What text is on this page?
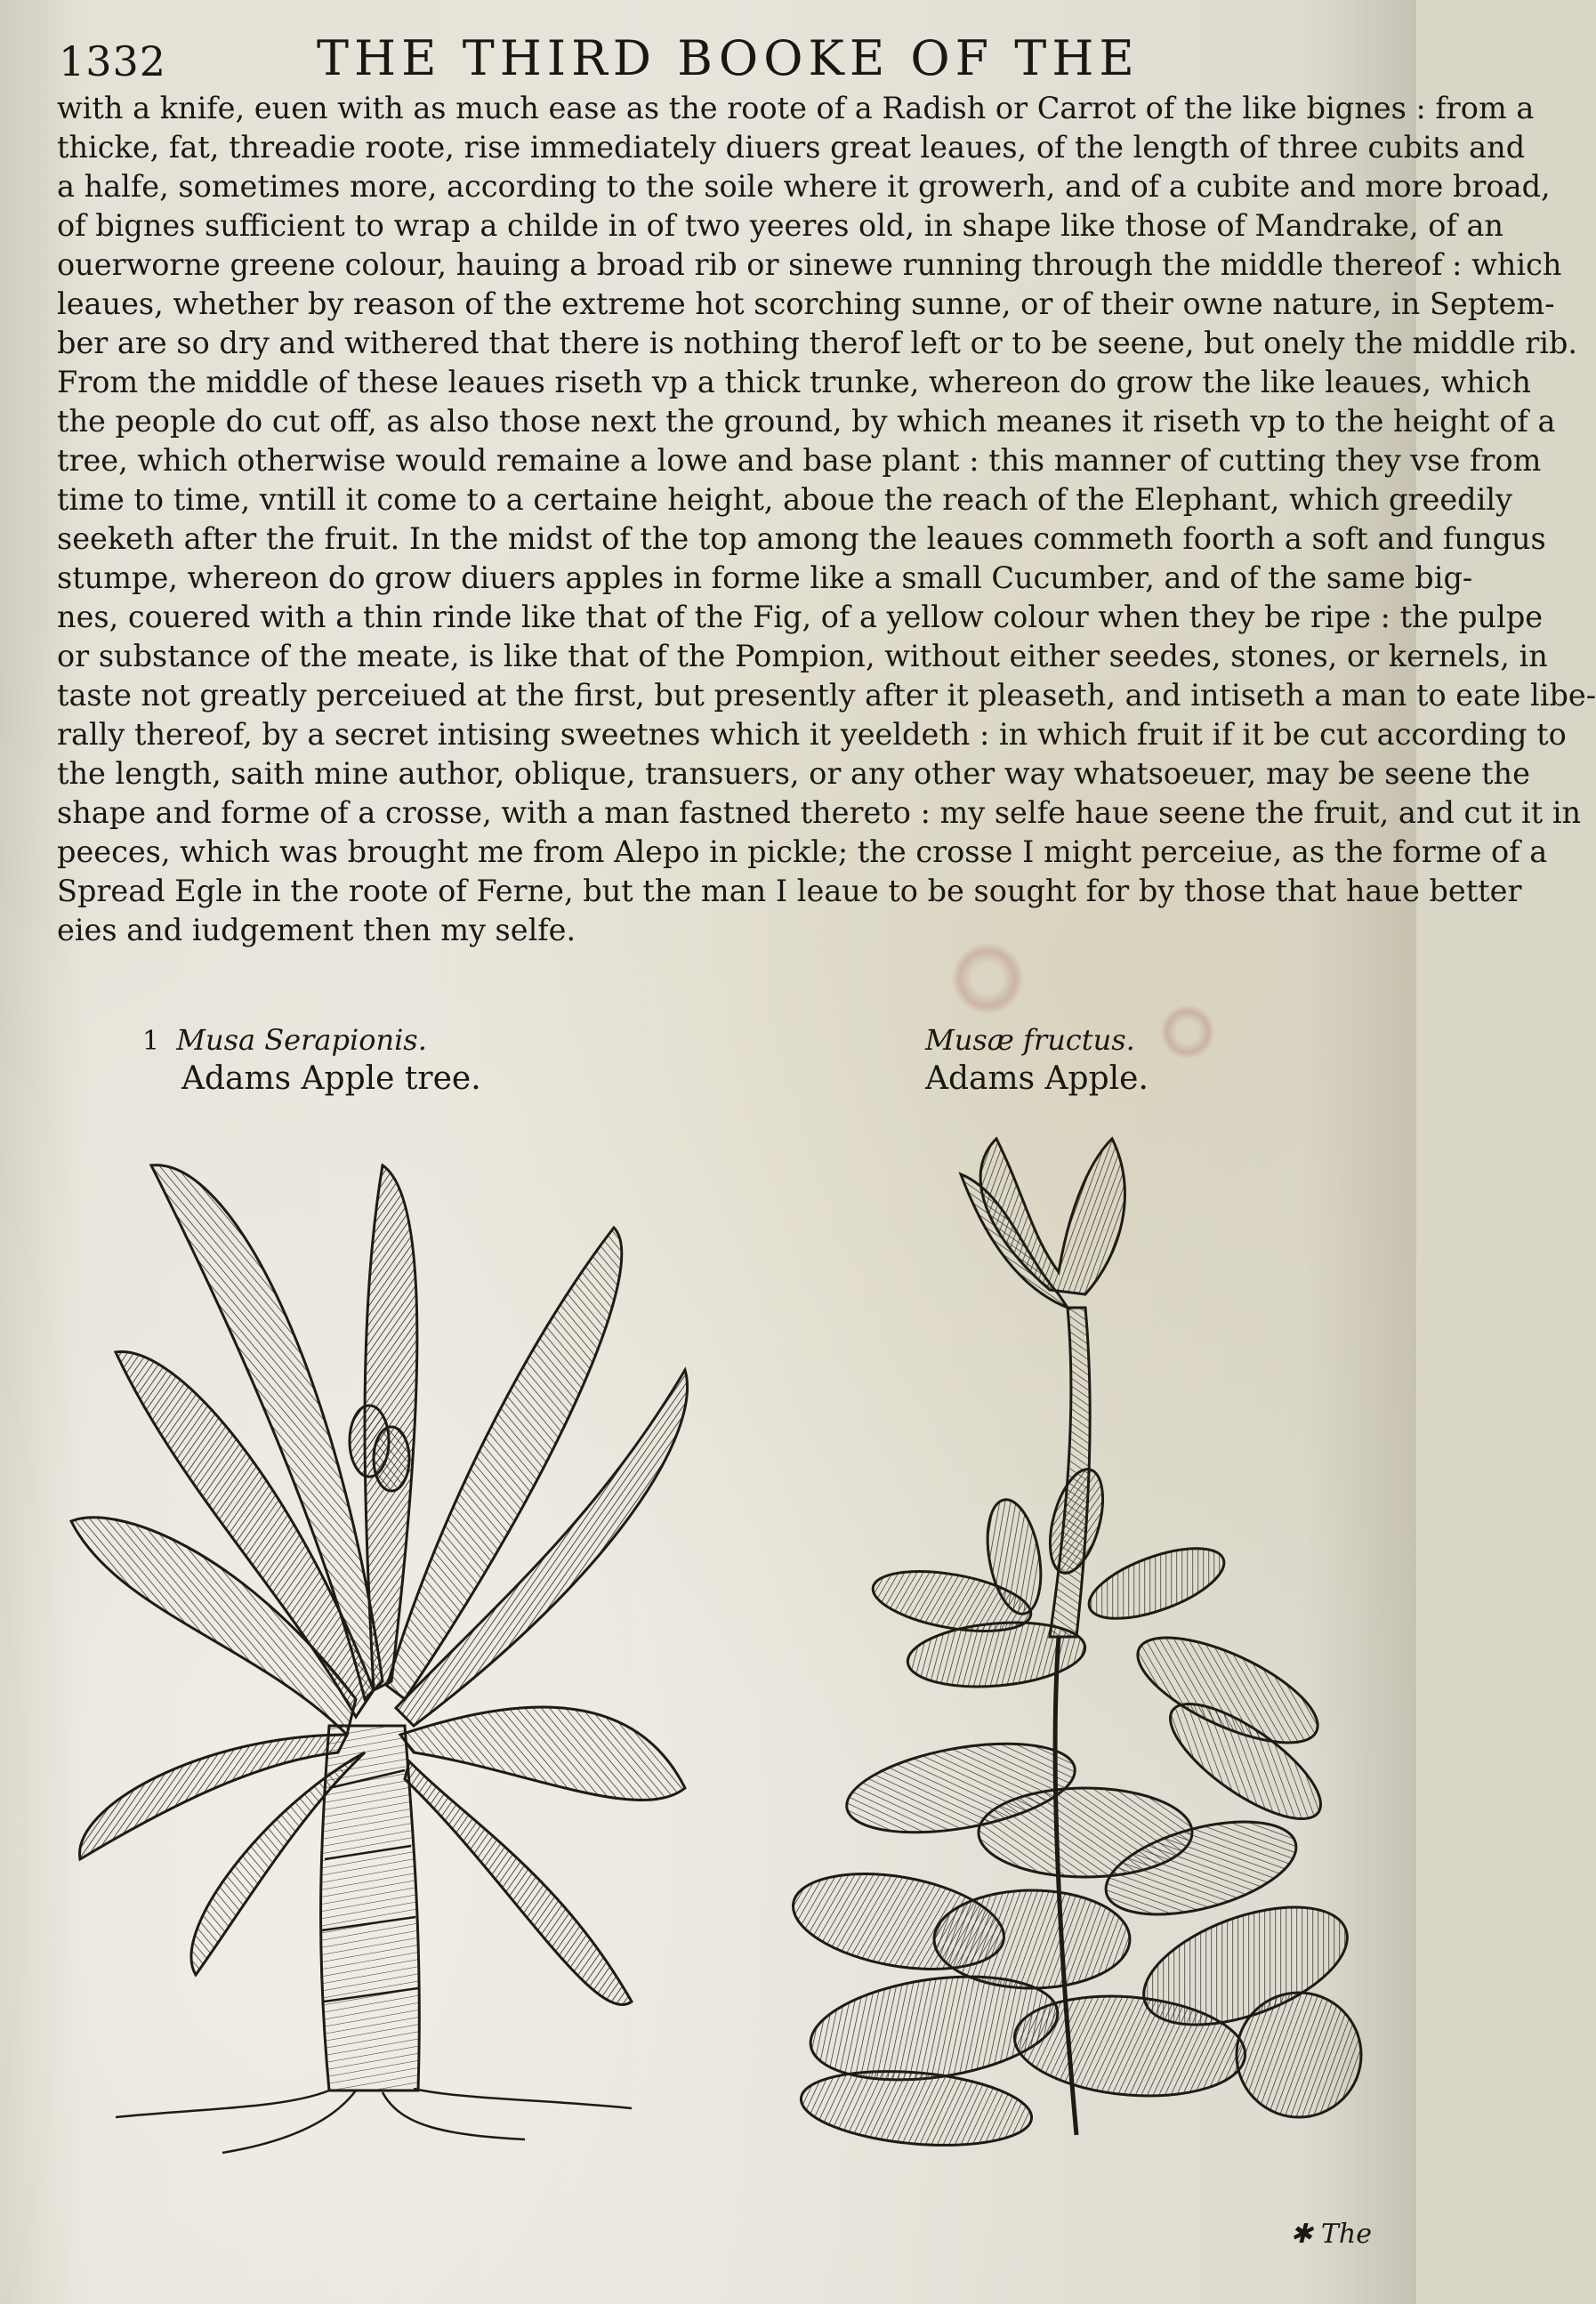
1332	THE THIRD BOOKE OF THE
with a knife, euen with as much ease as the roote of a Radish or Carrot of the like bignes : from a
thicke, fat, threadie roote, rise immediately diuers great leaues, of the length of three cubits and
a halfe, sometimes more, according to the soile where it growerh, and of a cubite and more broad,
of bignes sufficient to wrap a childe in of two yeeres old, in shape like those of Mandrake, of an
ouerworne greene colour, hauing a broad rib or sinewe running through the middle thereof : which
leaues, whether by reason of the extreme hot scorching sunne, or of their owne nature, in Septem-
ber are so dry and withered that there is nothing therof left or to be seene, but onely the middle rib.
From the middle of these leaues riseth vp a thick trunke, whereon do grow the like leaues, which
the people do cut off, as also those next the ground, by which meanes it riseth vp to the height of a
tree, which otherwise would remaine a lowe and base plant : this manner of cutting they vse from
time to time, vntill it come to a certaine height, aboue the reach of the Elephant, which greedily
seeketh after the fruit. In the midst of the top among the leaues commeth foorth a soft and fungus
stumpe, whereon do grow diuers apples in forme like a small Cucumber, and of the same big-
nes, couered with a thin rinde like that of the Fig, of a yellow colour when they be ripe : the pulpe
or substance of the meate, is like that of the Pompion, without either seedes, stones, or kernels, in
taste not greatly perceiued at the first, but presently after it pleaseth, and intiseth a man to eate libe-
rally thereof, by a secret intising sweetnes which it yeeldeth : in which fruit if it be cut according to
the length, saith mine author, oblique, transuers, or any other way whatsoeuer, may be seene the
shape and forme of a crosse, with a man fastned thereto : my selfe haue seene the fruit, and cut it in
peeces, which was brought me from Alepo in pickle; the crosse I might perceiue, as the forme of a
Spread Egle in the roote of Ferne, but the man I leaue to be sought for by those that haue better
eies and iudgement then my selfe.
1 Musa Serapionis.
Adams Apple tree.
Musæ fructus.
Adams Apple.
✱ The
